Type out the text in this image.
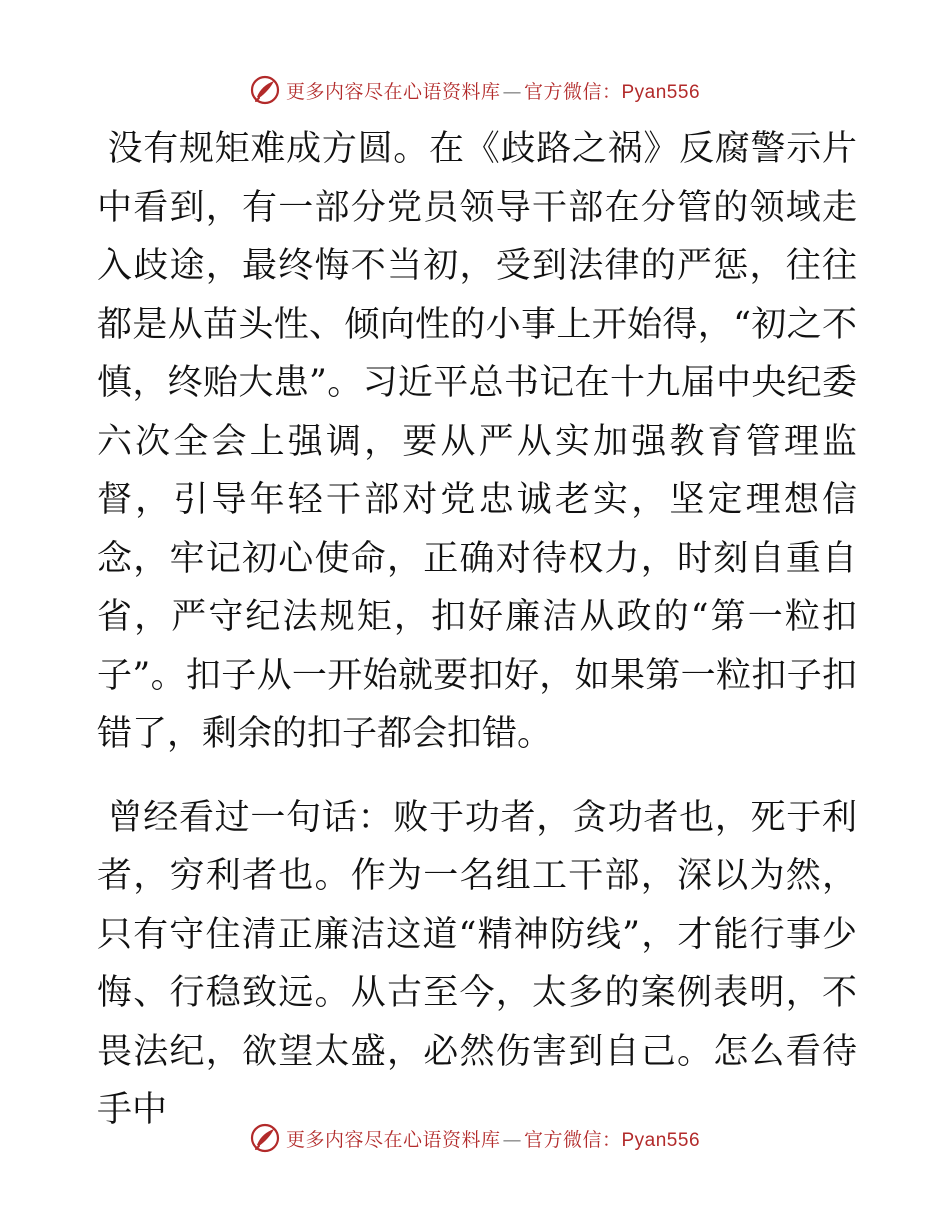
更多内容尽在心语资料库 — 官方微信：Pyan556

没有规矩难成方圆。在《歧路之祸》反腐警示片中看到，有一部分党员领导干部在分管的领域走入歧途，最终悔不当初，受到法律的严惩，往往都是从苗头性、倾向性的小事上开始得，“初之不慎，终贻大患”。习近平总书记在十九届中央纪委六次全会上强调，要从严从实加强教育管理监督，引导年轻干部对党忠诚老实，坚定理想信念，牢记初心使命，正确对待权力，时刻自重自省，严守纪法规矩，扣好廉洁从政的“第一粒扣子”。扣子从一开始就要扣好，如果第一粒扣子扣错了，剩余的扣子都会扣错。

曾经看过一句话：败于功者，贪功者也，死于利者，穷利者也。作为一名组工干部，深以为然，只有守住清正廉洁这道“精神防线”，才能行事少悔、行稳致远。从古至今，太多的案例表明，不畏法纪，欲望太盛，必然伤害到自己。怎么看待手中

更多内容尽在心语资料库 — 官方微信：Pyan556
